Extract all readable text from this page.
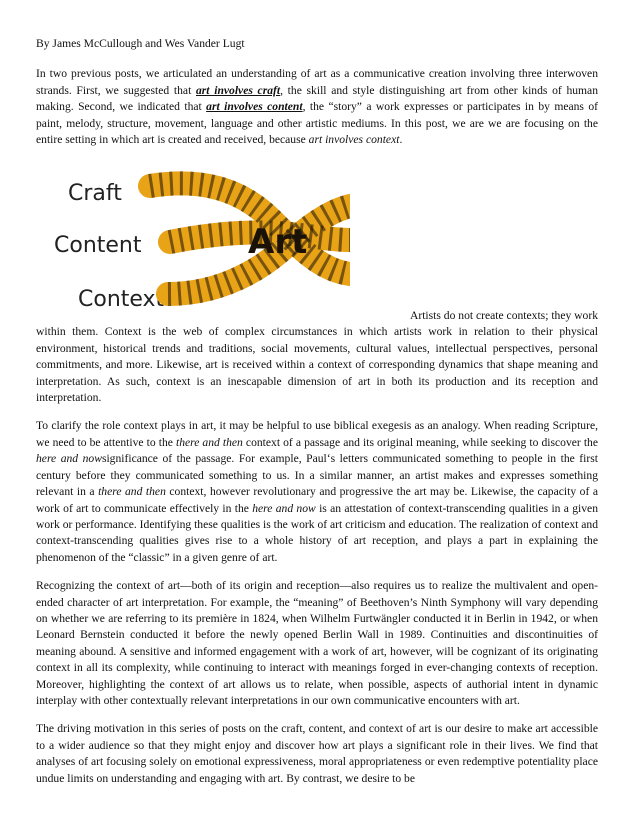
By James McCullough and Wes Vander Lugt

In two previous posts, we articulated an understanding of art as a communicative creation involving three interwoven strands. First, we suggested that art involves craft, the skill and style distinguishing art from other kinds of human making. Second, we indicated that art involves content, the “story” a work expresses or participates in by means of paint, melody, structure, movement, language and other artistic mediums. In this post, we are we are focusing on the entire setting in which art is created and received, because art involves context.

Craft
Content
Context
Art
Artists do not create contexts; they work

within them. Context is the web of complex circumstances in which artists work in relation to their physical environment, historical trends and traditions, social movements, cultural values, intellectual perspectives, personal commitments, and more. Likewise, art is received within a context of corresponding dynamics that shape meaning and interpretation. As such, context is an inescapable dimension of art in both its production and its reception and interpretation.

To clarify the role context plays in art, it may be helpful to use biblical exegesis as an analogy. When reading Scripture, we need to be attentive to the there and then context of a passage and its original meaning, while seeking to discover the here and nowsignificance of the passage. For example, Paul‘s letters communicated something to people in the first century before they communicated something to us. In a similar manner, an artist makes and expresses something relevant in a there and then context, however revolutionary and progressive the art may be. Likewise, the capacity of a work of art to communicate effectively in the here and now is an attestation of context-transcending qualities in a given work or performance. Identifying these qualities is the work of art criticism and education. The realization of context and context-transcending qualities gives rise to a whole history of art reception, and plays a part in explaining the phenomenon of the “classic” in a given genre of art.

Recognizing the context of art—both of its origin and reception—also requires us to realize the multivalent and open-ended character of art interpretation. For example, the “meaning” of Beethoven’s Ninth Symphony will vary depending on whether we are referring to its première in 1824, when Wilhelm Furtwängler conducted it in Berlin in 1942, or when Leonard Bernstein conducted it before the newly opened Berlin Wall in 1989. Continuities and discontinuities of meaning abound. A sensitive and informed engagement with a work of art, however, will be cognizant of its originating context in all its complexity, while continuing to interact with meanings forged in ever-changing contexts of reception. Moreover, highlighting the context of art allows us to relate, when possible, aspects of authorial intent in dynamic interplay with other contextually relevant interpretations in our own communicative encounters with art.

The driving motivation in this series of posts on the craft, content, and context of art is our desire to make art accessible to a wider audience so that they might enjoy and discover how art plays a significant role in their lives. We find that analyses of art focusing solely on emotional expressiveness, moral appropriateness or even redemptive potentiality place undue limits on understanding and engaging with art. By contrast, we desire to be
